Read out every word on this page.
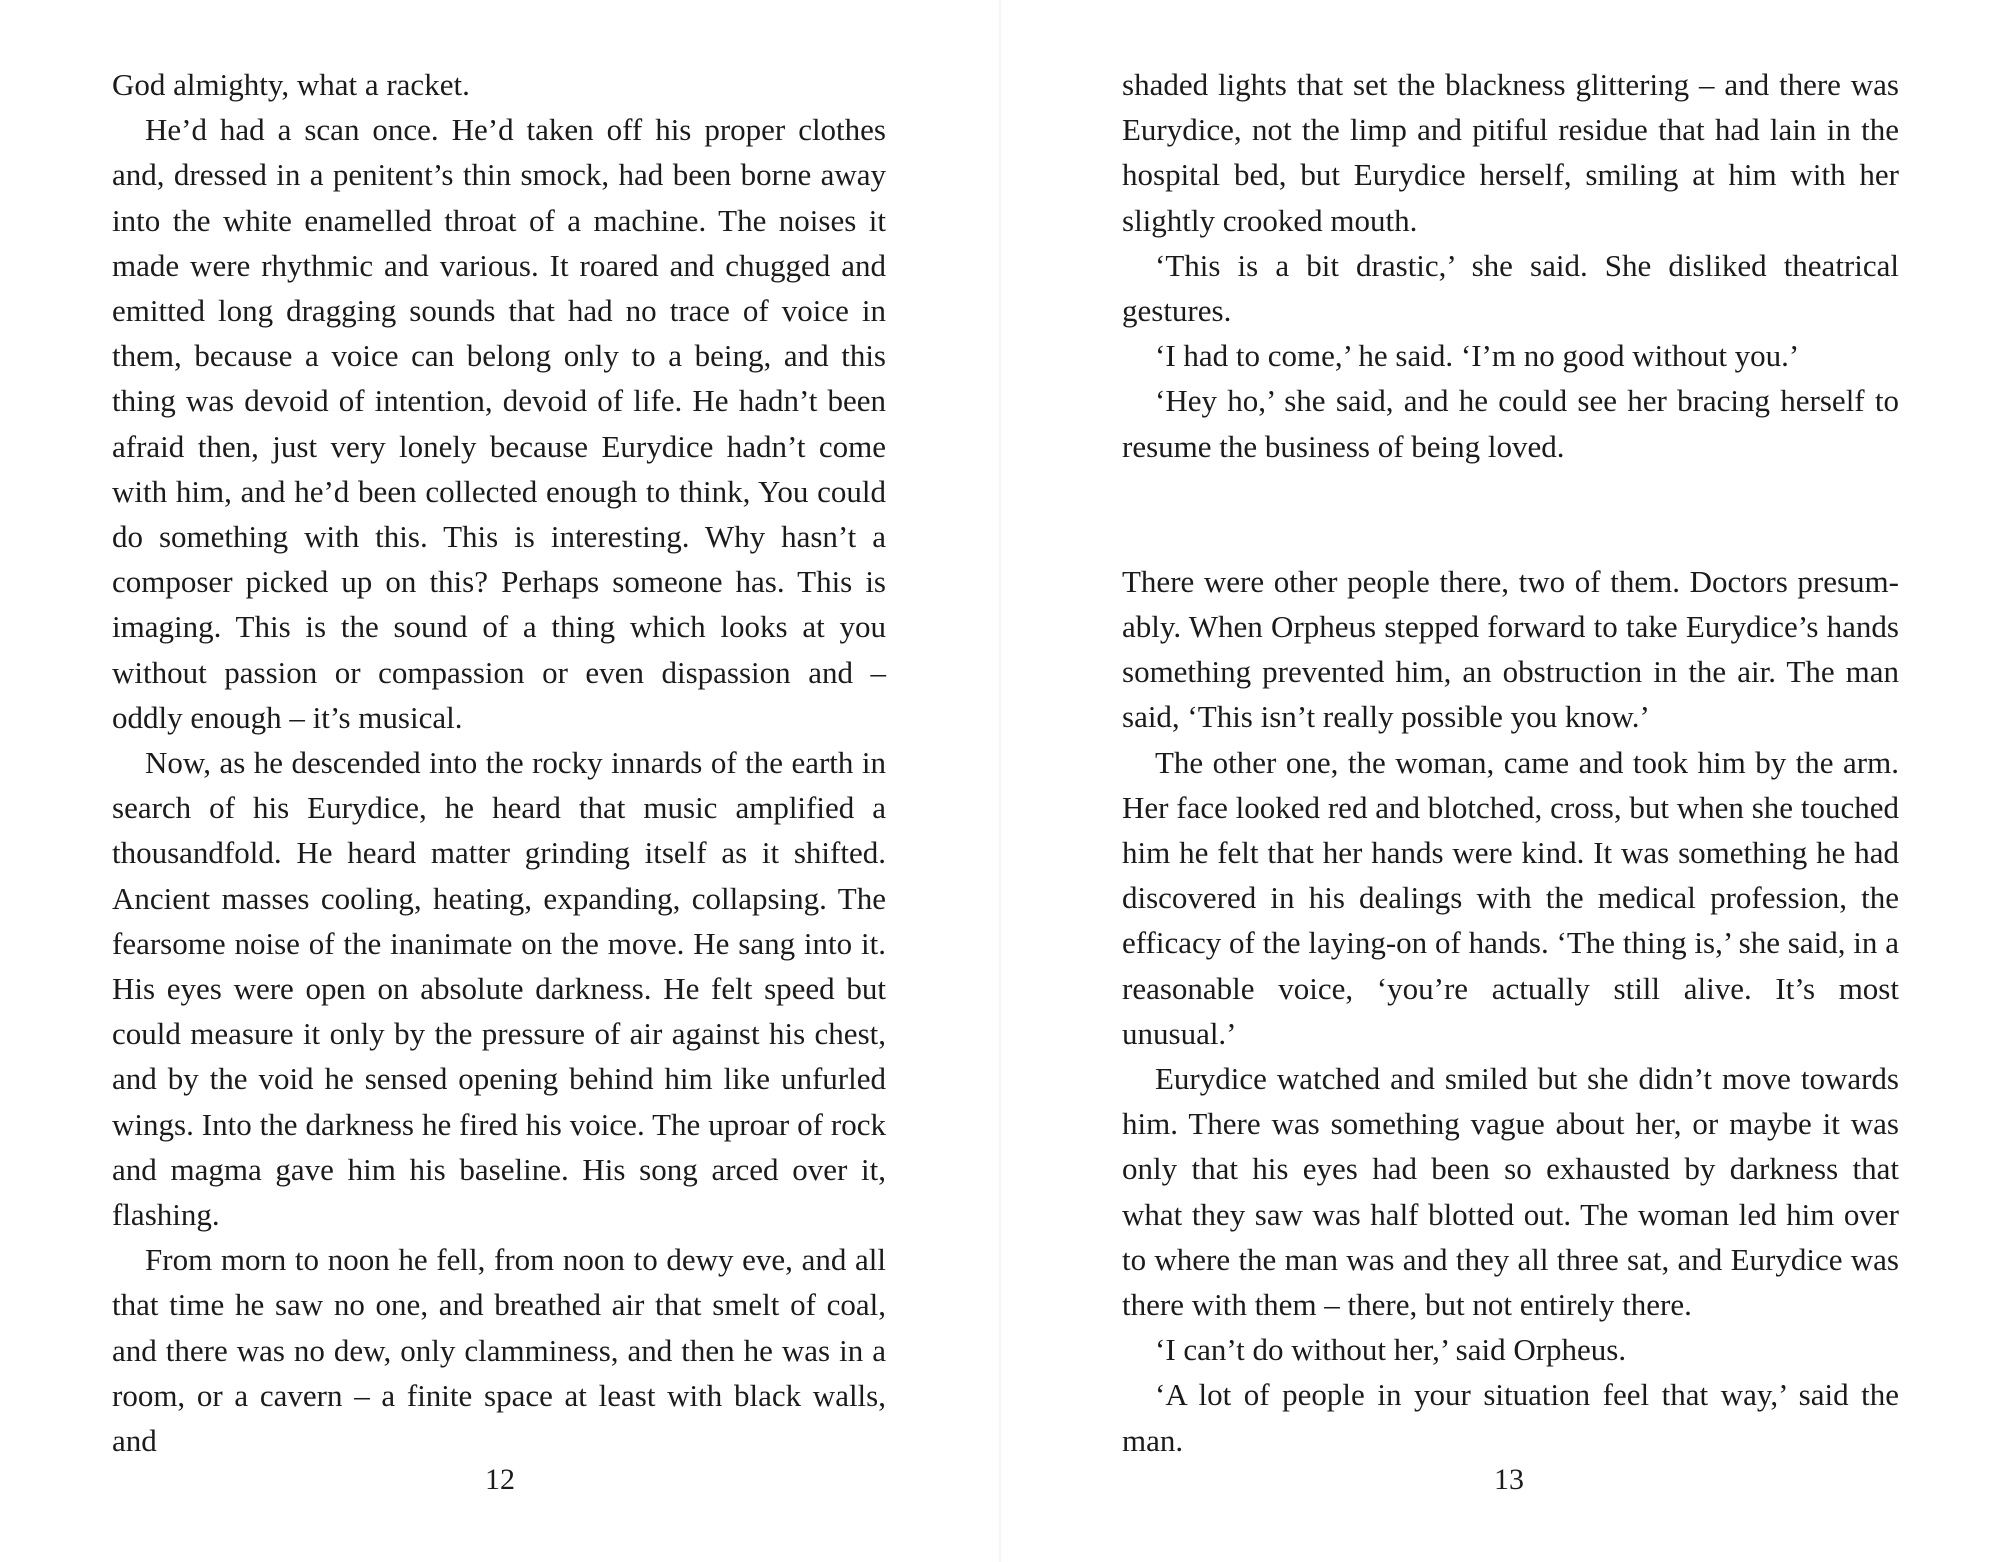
God almighty, what a racket.

He’d had a scan once. He’d taken off his proper clothes and, dressed in a penitent’s thin smock, had been borne away into the white enamelled throat of a machine. The noises it made were rhythmic and various. It roared and chugged and emitted long dragging sounds that had no trace of voice in them, because a voice can belong only to a being, and this thing was devoid of intention, devoid of life. He hadn’t been afraid then, just very lonely because Eurydice hadn’t come with him, and he’d been collected enough to think, You could do something with this. This is interesting. Why hasn’t a composer picked up on this? Perhaps someone has. This is imaging. This is the sound of a thing which looks at you without passion or compassion or even dispassion and – oddly enough – it’s musical.

Now, as he descended into the rocky innards of the earth in search of his Eurydice, he heard that music amplified a thousandfold. He heard matter grinding itself as it shifted. Ancient masses cooling, heating, expanding, collapsing. The fearsome noise of the inanimate on the move. He sang into it. His eyes were open on absolute darkness. He felt speed but could measure it only by the pressure of air against his chest, and by the void he sensed opening behind him like unfurled wings. Into the darkness he fired his voice. The uproar of rock and magma gave him his baseline. His song arced over it, flashing.

From morn to noon he fell, from noon to dewy eve, and all that time he saw no one, and breathed air that smelt of coal, and there was no dew, only clamminess, and then he was in a room, or a cavern – a finite space at least with black walls, and

12

shaded lights that set the blackness glittering – and there was Eurydice, not the limp and pitiful residue that had lain in the hospital bed, but Eurydice herself, smiling at him with her slightly crooked mouth.

‘This is a bit drastic,’ she said. She disliked theatrical gestures.

‘I had to come,’ he said. ‘I’m no good without you.’

‘Hey ho,’ she said, and he could see her bracing herself to resume the business of being loved.

There were other people there, two of them. Doctors presumably. When Orpheus stepped forward to take Eurydice’s hands something prevented him, an obstruction in the air. The man said, ‘This isn’t really possible you know.’

The other one, the woman, came and took him by the arm. Her face looked red and blotched, cross, but when she touched him he felt that her hands were kind. It was something he had discovered in his dealings with the medical profession, the efficacy of the laying-on of hands. ‘The thing is,’ she said, in a reasonable voice, ‘you’re actually still alive. It’s most unusual.’

Eurydice watched and smiled but she didn’t move towards him. There was something vague about her, or maybe it was only that his eyes had been so exhausted by darkness that what they saw was half blotted out. The woman led him over to where the man was and they all three sat, and Eurydice was there with them – there, but not entirely there.

‘I can’t do without her,’ said Orpheus.

‘A lot of people in your situation feel that way,’ said the man.

13
